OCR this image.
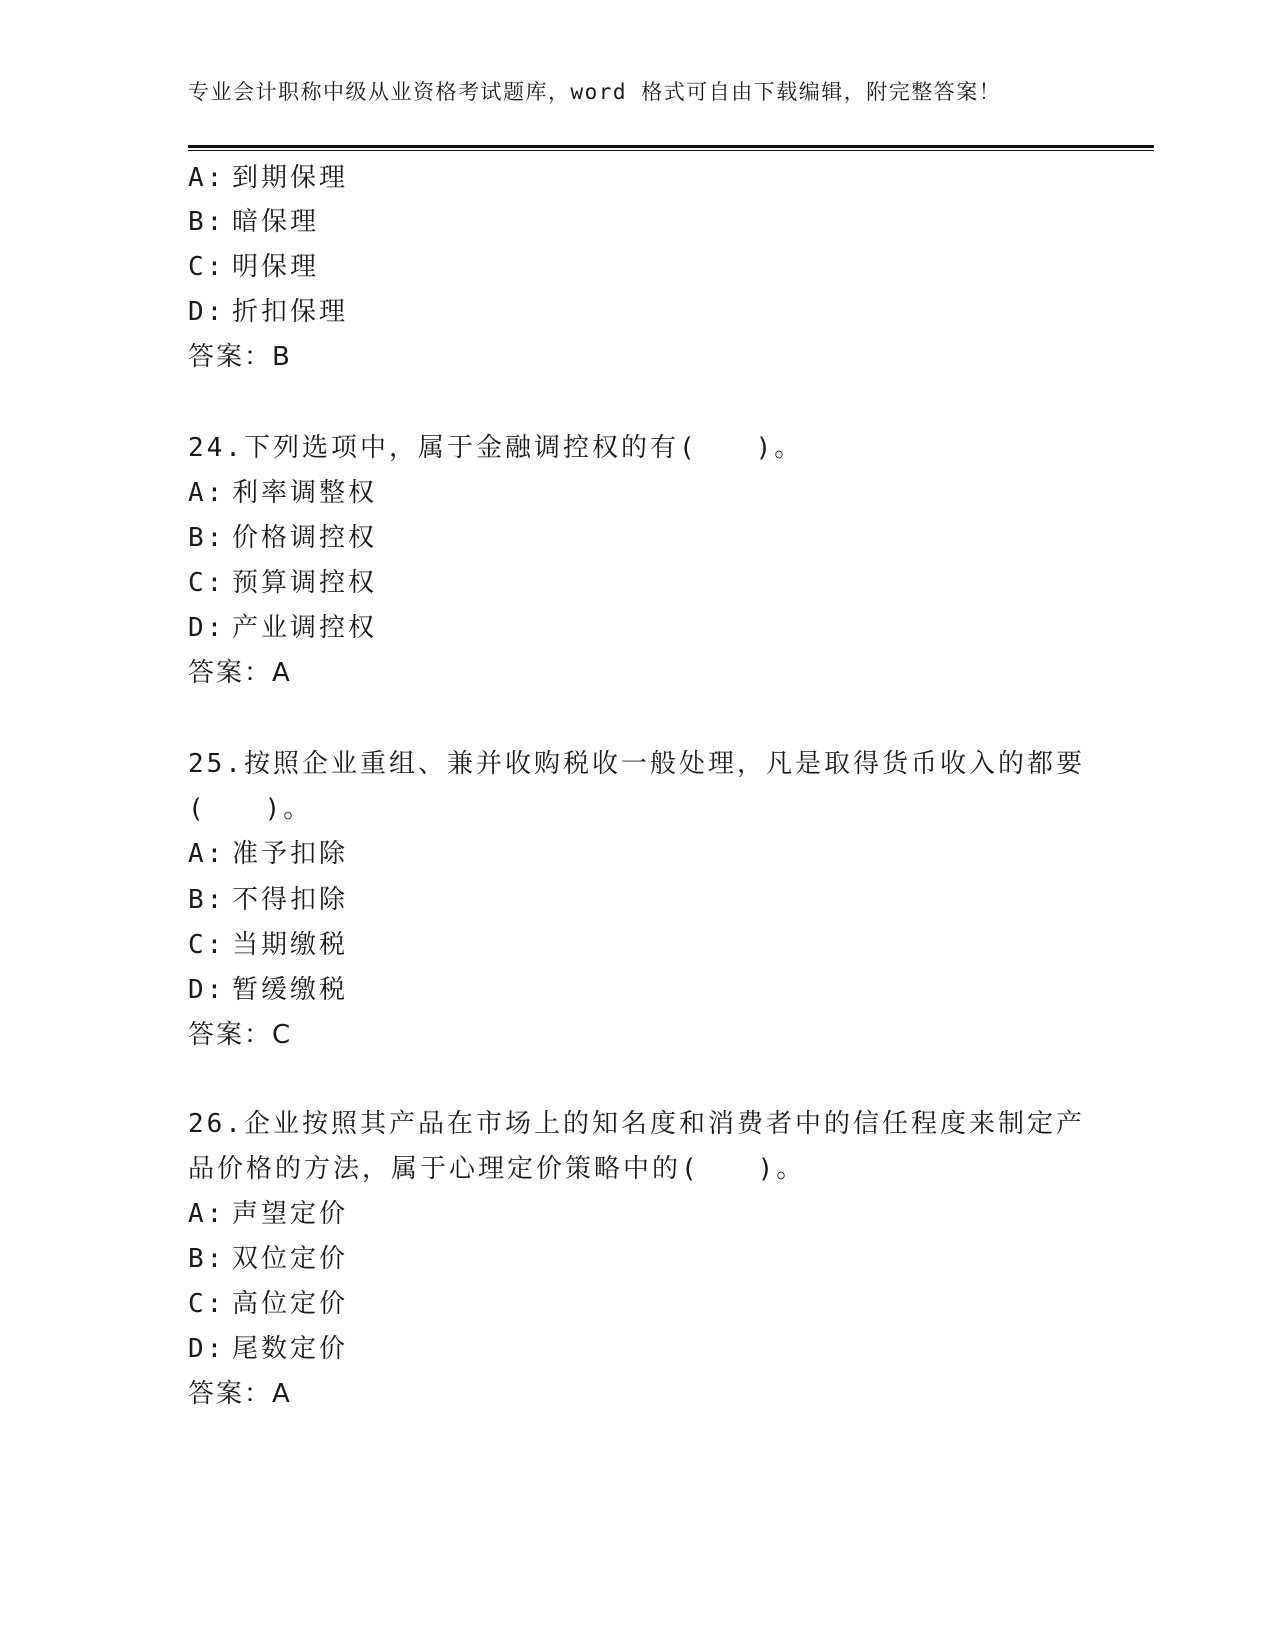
专业会计职称中级从业资格考试题库，word 格式可自由下载编辑，附完整答案！
A: 到期保理
B: 暗保理
C: 明保理
D: 折扣保理
答案：B
24.下列选项中，属于金融调控权的有(　　)。
A: 利率调整权
B: 价格调控权
C: 预算调控权
D: 产业调控权
答案：A
25.按照企业重组、兼并收购税收一般处理，凡是取得货币收入的都要
(　　)。
A: 准予扣除
B: 不得扣除
C: 当期缴税
D: 暂缓缴税
答案：C
26.企业按照其产品在市场上的知名度和消费者中的信任程度来制定产
品价格的方法，属于心理定价策略中的(　　)。
A: 声望定价
B: 双位定价
C: 高位定价
D: 尾数定价
答案：A
